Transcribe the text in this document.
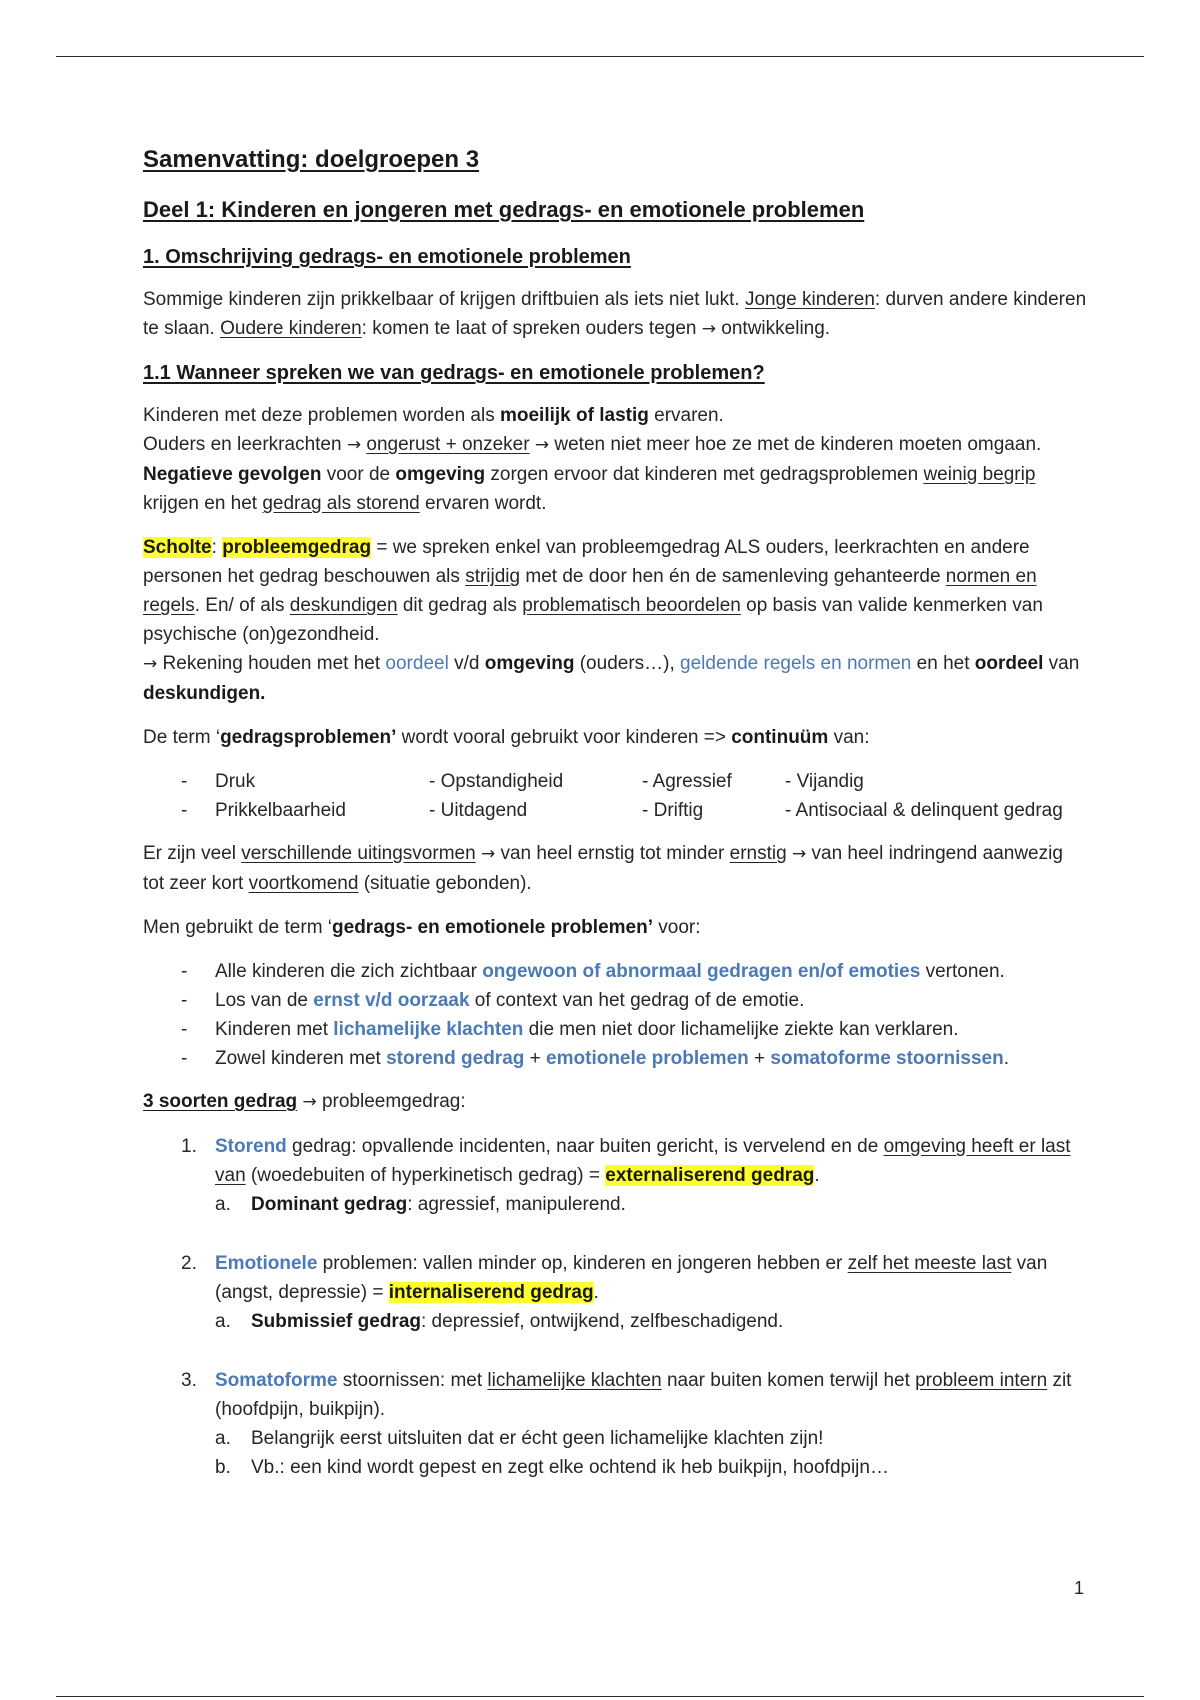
Samenvatting: doelgroepen 3
Deel 1: Kinderen en jongeren met gedrags- en emotionele problemen
1. Omschrijving gedrags- en emotionele problemen

Sommige kinderen zijn prikkelbaar of krijgen driftbuien als iets niet lukt. Jonge kinderen: durven andere kinderen te slaan. Oudere kinderen: komen te laat of spreken ouders tegen → ontwikkeling.

1.1 Wanneer spreken we van gedrags- en emotionele problemen?

Kinderen met deze problemen worden als moeilijk of lastig ervaren.
Ouders en leerkrachten → ongerust + onzeker → weten niet meer hoe ze met de kinderen moeten omgaan. Negatieve gevolgen voor de omgeving zorgen ervoor dat kinderen met gedragsproblemen weinig begrip krijgen en het gedrag als storend ervaren wordt.

Scholte: probleemgedrag = we spreken enkel van probleemgedrag ALS ouders, leerkrachten en andere personen het gedrag beschouwen als strijdig met de door hen én de samenleving gehanteerde normen en regels. En/ of als deskundigen dit gedrag als problematisch beoordelen op basis van valide kenmerken van psychische (on)gezondheid.
→ Rekening houden met het oordeel v/d omgeving (ouders…), geldende regels en normen en het oordeel van deskundigen.

De term ‘gedragsproblemen’ wordt vooral gebruikt voor kinderen => continuüm van:

- Druk	- Opstandigheid	- Agressief	- Vijandig
- Prikkelbaarheid	- Uitdagend	- Driftig	- Antisociaal & delinquent gedrag

Er zijn veel verschillende uitingsvormen → van heel ernstig tot minder ernstig → van heel indringend aanwezig tot zeer kort voortkomend (situatie gebonden).

Men gebruikt de term ‘gedrags- en emotionele problemen’ voor:

- Alle kinderen die zich zichtbaar ongewoon of abnormaal gedragen en/of emoties vertonen.
- Los van de ernst v/d oorzaak of context van het gedrag of de emotie.
- Kinderen met lichamelijke klachten die men niet door lichamelijke ziekte kan verklaren.
- Zowel kinderen met storend gedrag + emotionele problemen + somatoforme stoornissen.

3 soorten gedrag → probleemgedrag:

1. Storend gedrag: opvallende incidenten, naar buiten gericht, is vervelend en de omgeving heeft er last van (woedebuiten of hyperkinetisch gedrag) = externaliserend gedrag.
a. Dominant gedrag: agressief, manipulerend.
2. Emotionele problemen: vallen minder op, kinderen en jongeren hebben er zelf het meeste last van (angst, depressie) = internaliserend gedrag.
a. Submissief gedrag: depressief, ontwijkend, zelfbeschadigend.
3. Somatoforme stoornissen: met lichamelijke klachten naar buiten komen terwijl het probleem intern zit (hoofdpijn, buikpijn).
a. Belangrijk eerst uitsluiten dat er écht geen lichamelijke klachten zijn!
b. Vb.: een kind wordt gepest en zegt elke ochtend ik heb buikpijn, hoofdpijn…
1
